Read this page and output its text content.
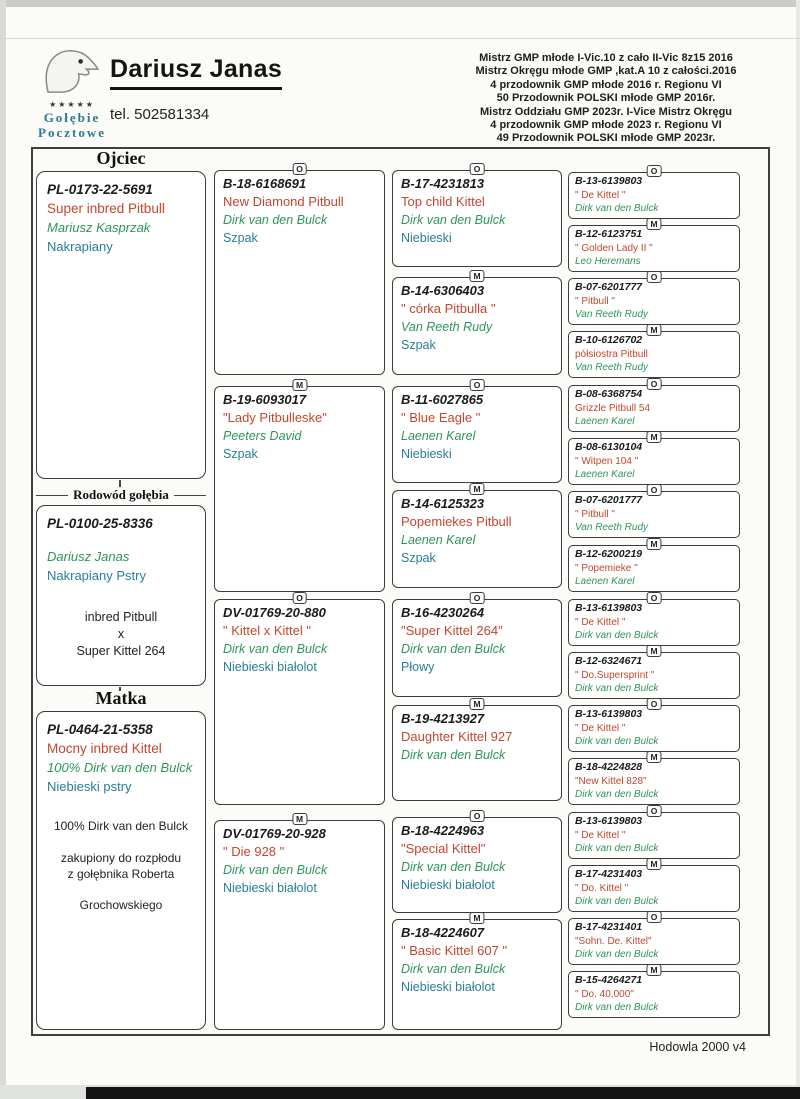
★★★★★
Gołębie
Pocztowe
Dariusz Janas
tel. 502581334
Mistrz GMP młode I-Vic.10 z cało II-Vic 8z15 2016
Mistrz Okręgu młode GMP ,kat.A 10 z całości.2016
4 przodownik GMP młode 2016 r. Regionu VI
50 Przodownik POLSKI młode GMP 2016r.
Mistrz Oddziału GMP 2023r. I-Vice Mistrz Okręgu
4 przodownik GMP młode 2023 r. Regionu VI
49 Przodownik POLSKI młode GMP 2023r.
Ojciec
PL-0173-22-5691
Super inbred Pitbull
Mariusz Kasprzak
Nakrapiany
Rodowód gołębia
PL-0100-25-8336
Dariusz Janas
Nakrapiany Pstry
inbred Pitbull
x
Super Kittel 264
Matka
PL-0464-21-5358
Mocny inbred Kittel
100% Dirk van den Bulck
Niebieski pstry
100% Dirk van den Bulck
zakupiony do rozpłodu
z gołębnika Roberta
Grochowskiego
O
B-18-6168691
New Diamond Pitbull
Dirk van den Bulck
Szpak
M
B-19-6093017
"Lady Pitbulleske"
Peeters David
Szpak
O
DV-01769-20-880
" Kittel x Kittel "
Dirk van den Bulck
Niebieski białolot
M
DV-01769-20-928
" Die 928 "
Dirk van den Bulck
Niebieski białolot
O
B-17-4231813
Top child Kittel
Dirk van den Bulck
Niebieski
M
B-14-6306403
" córka Pitbulla "
Van Reeth Rudy
Szpak
O
B-11-6027865
" Blue Eagle "
Laenen Karel
Niebieski
M
B-14-6125323
Popemiekes Pitbull
Laenen Karel
Szpak
O
B-16-4230264
"Super Kittel 264"
Dirk van den Bulck
Płowy
M
B-19-4213927
Daughter Kittel 927
Dirk van den Bulck
O
B-18-4224963
"Special Kittel"
Dirk van den Bulck
Niebieski białolot
M
B-18-4224607
" Basic Kittel 607 "
Dirk van den Bulck
Niebieski białolot
O
B-13-6139803
" De Kittel "
Dirk van den Bulck
M
B-12-6123751
" Golden Lady II "
Leo Heremans
O
B-07-6201777
" Pitbull "
Van Reeth Rudy
M
B-10-6126702
półsiostra Pitbull
Van Reeth Rudy
O
B-08-6368754
Grizzle Pitbull 54
Laenen Karel
M
B-08-6130104
" Witpen 104 "
Laenen Karel
O
B-07-6201777
" Pitbull "
Van Reeth Rudy
M
B-12-6200219
" Popemieke "
Laenen Karel
O
B-13-6139803
" De Kittel "
Dirk van den Bulck
M
B-12-6324671
" Do.Supersprint "
Dirk van den Bulck
O
B-13-6139803
" De Kittel "
Dirk van den Bulck
M
B-18-4224828
"New Kittel 828"
Dirk van den Bulck
O
B-13-6139803
" De Kittel "
Dirk van den Bulck
M
B-17-4231403
" Do. Kittel "
Dirk van den Bulck
O
B-17-4231401
"Sohn. De. Kittel"
Dirk van den Bulck
M
B-15-4264271
" Do. 40,000"
Dirk van den Bulck
Hodowla 2000 v4
